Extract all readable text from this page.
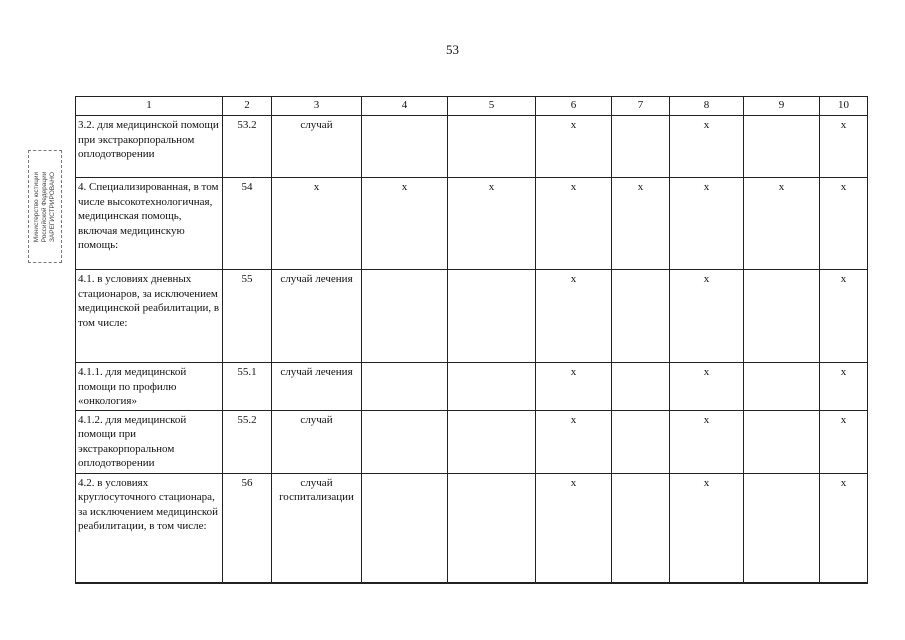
53
Министерство юстиции Российской Федерации ЗАРЕГИСТРИРОВАНО
1	2	3	4	5	6	7	8	9	10
3.2. для медицинской помощи при экстракорпоральном оплодотворении	53.2	случай			х		х		х
4. Специализированная, в том числе высокотехнологичная, медицинская помощь, включая медицинскую помощь:	54	х	х	х	х	х	х	х	х
4.1. в условиях дневных стационаров, за исключением медицинской реабилитации, в том числе:	55	случай лечения			х		х		х
4.1.1. для медицинской помощи по профилю «онкология»	55.1	случай лечения			х		х		х
4.1.2. для медицинской помощи при экстракорпоральном оплодотворении	55.2	случай			х		х		х
4.2. в условиях круглосуточного стационара, за исключением медицинской реабилитации, в том числе:	56	случай госпитализации			х		х		х
